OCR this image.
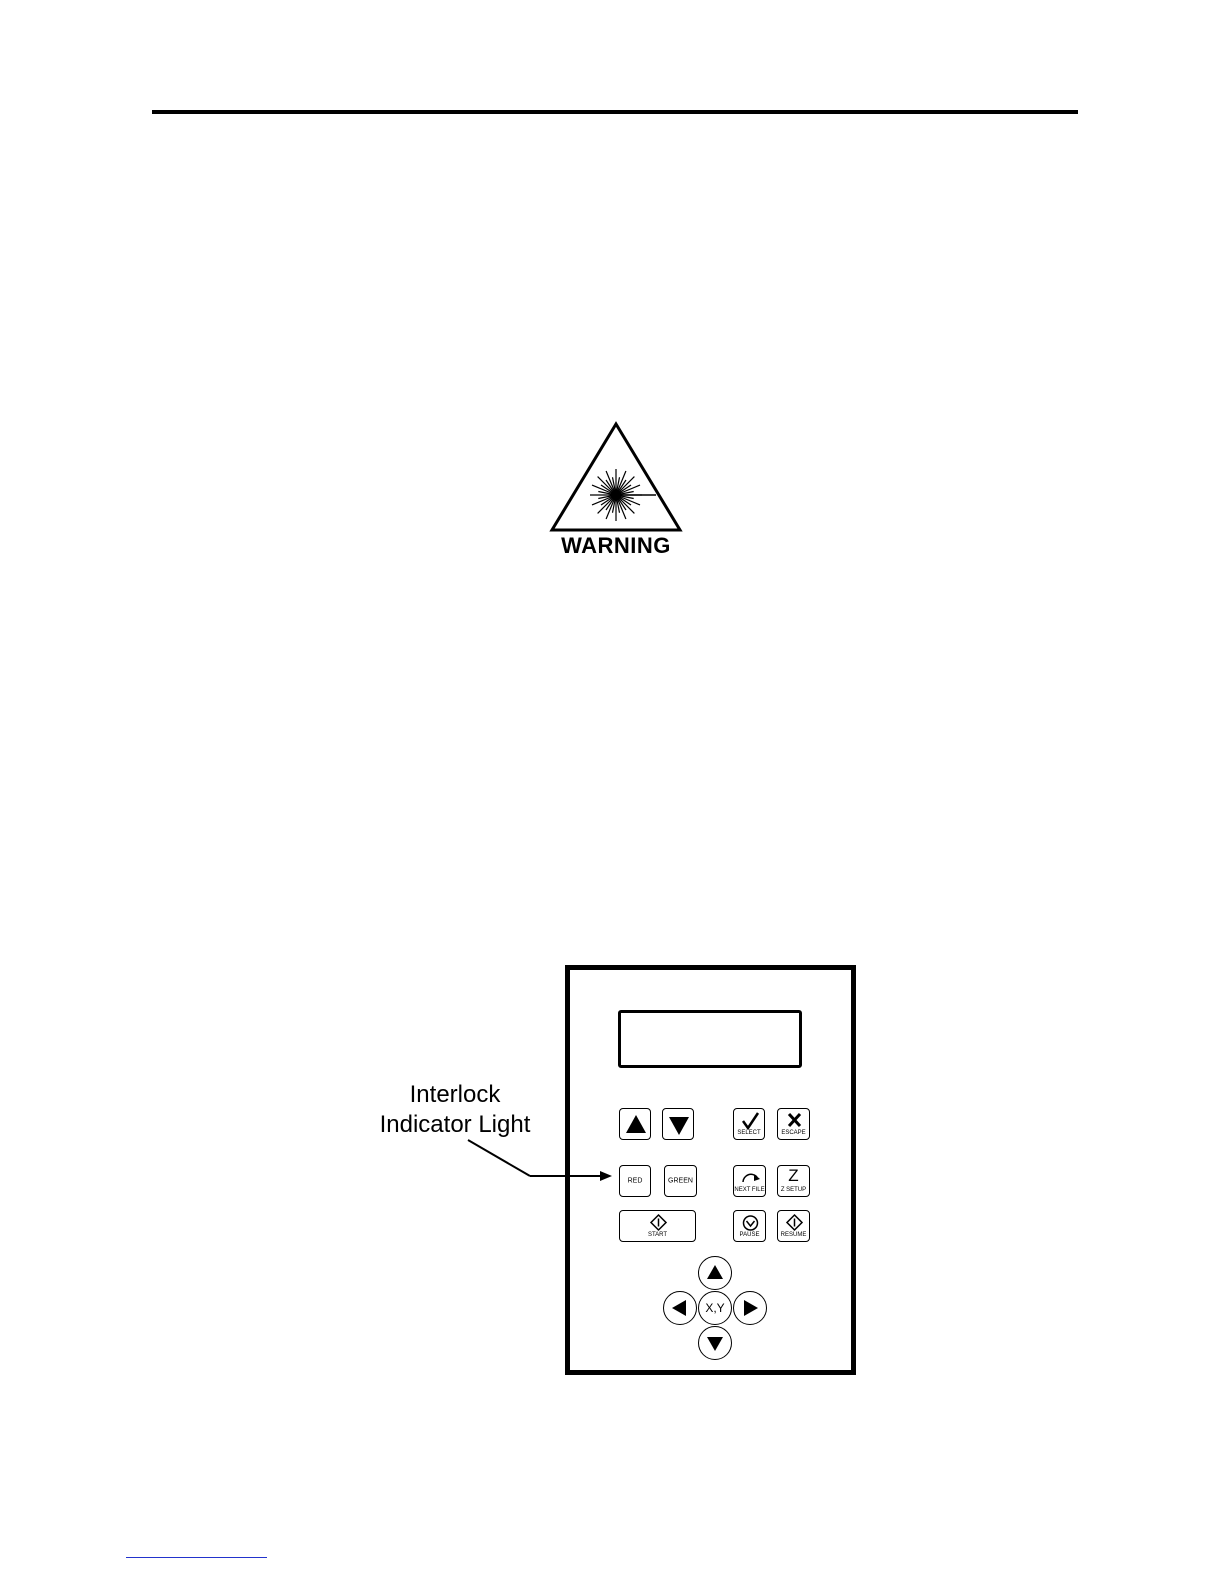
WARNING
SELECT	ESCAPE
RED	GREEN
NEXT FILE
Z
Z SETUP
START	PAUSE	RESUME
X,Y
Interlock
Indicator Light
